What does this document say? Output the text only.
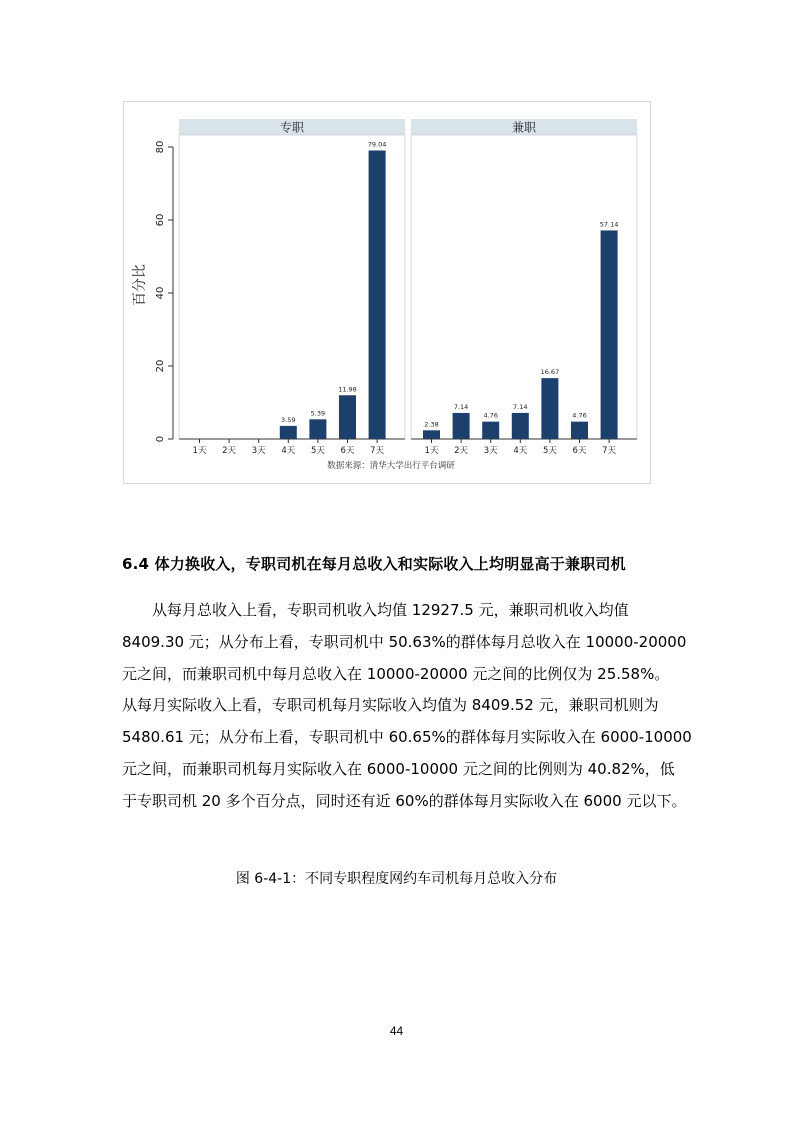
0
20
40
60
80
百分比
专职
1天 2天 3天 4天
3.59
5天
5.39
6天
11.98
7天
79.04
兼职
1天
2.38
2天
7.14
3天
4.76
4天
7.14
5天
16.67
6天
4.76
7天
57.14
数据来源：清华大学出行平台调研
6.4 体力换收入，专职司机在每月总收入和实际收入上均明显高于兼职司机
从每月总收入上看，专职司机收入均值 12927.5 元，兼职司机收入均值
8409.30 元；从分布上看，专职司机中 50.63%的群体每月总收入在 10000-20000
元之间，而兼职司机中每月总收入在 10000-20000 元之间的比例仅为 25.58%。
从每月实际收入上看，专职司机每月实际收入均值为 8409.52 元，兼职司机则为
5480.61 元；从分布上看，专职司机中 60.65%的群体每月实际收入在 6000-10000
元之间，而兼职司机每月实际收入在 6000-10000 元之间的比例则为 40.82%，低
于专职司机 20 多个百分点，同时还有近 60%的群体每月实际收入在 6000 元以下。

图 6-4-1：不同专职程度网约车司机每月总收入分布

44
